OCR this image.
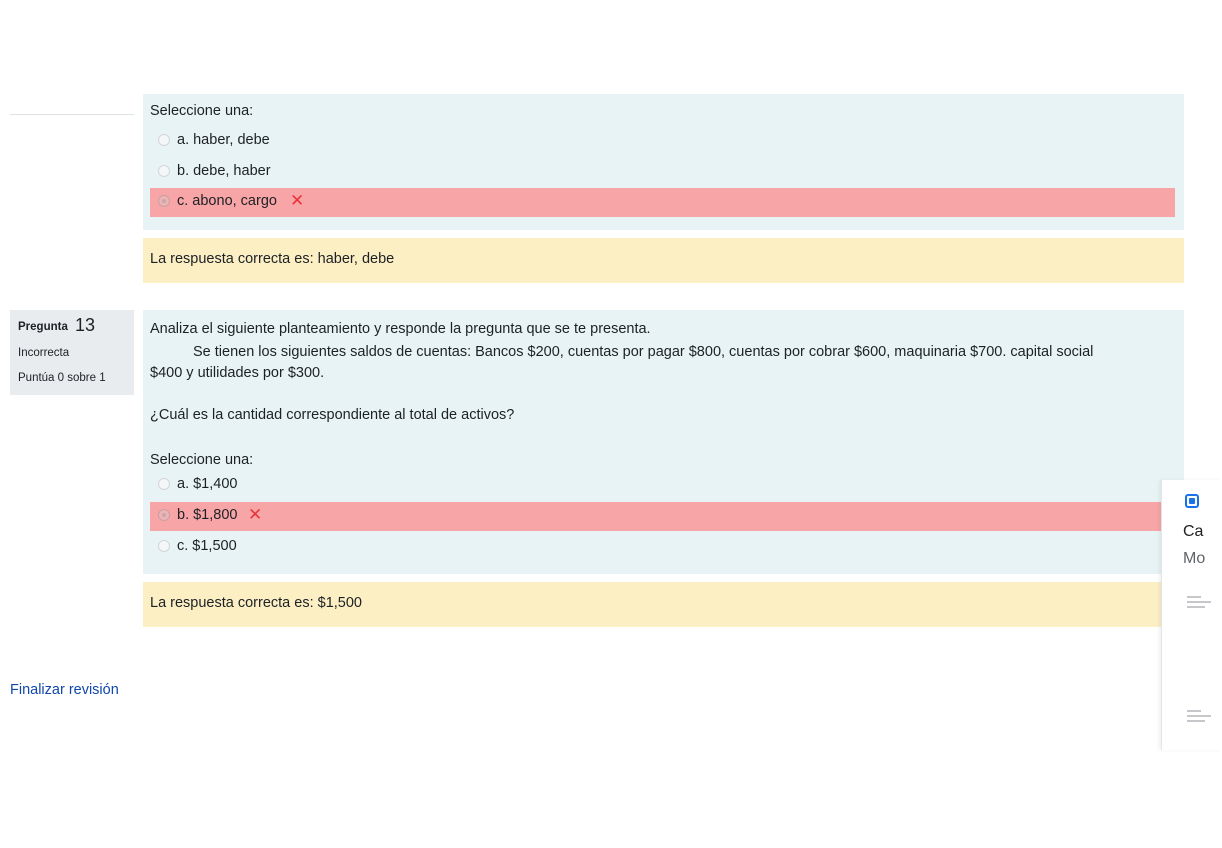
Seleccione una:
a. haber, debe
b. debe, haber
c. abono, cargo ✕
La respuesta correcta es: haber, debe
Pregunta 13
Incorrecta
Puntúa 0 sobre 1
Analiza el siguiente planteamiento y responde la pregunta que se te presenta.
Se tienen los siguientes saldos de cuentas: Bancos $200, cuentas por pagar $800, cuentas por cobrar $600, maquinaria $700. capital social
$400 y utilidades por $300.
¿Cuál es la cantidad correspondiente al total de activos?
Seleccione una:
a. $1,400
b. $1,800 ✕
c. $1,500
La respuesta correcta es: $1,500
Finalizar revisión
Ca
Mo
